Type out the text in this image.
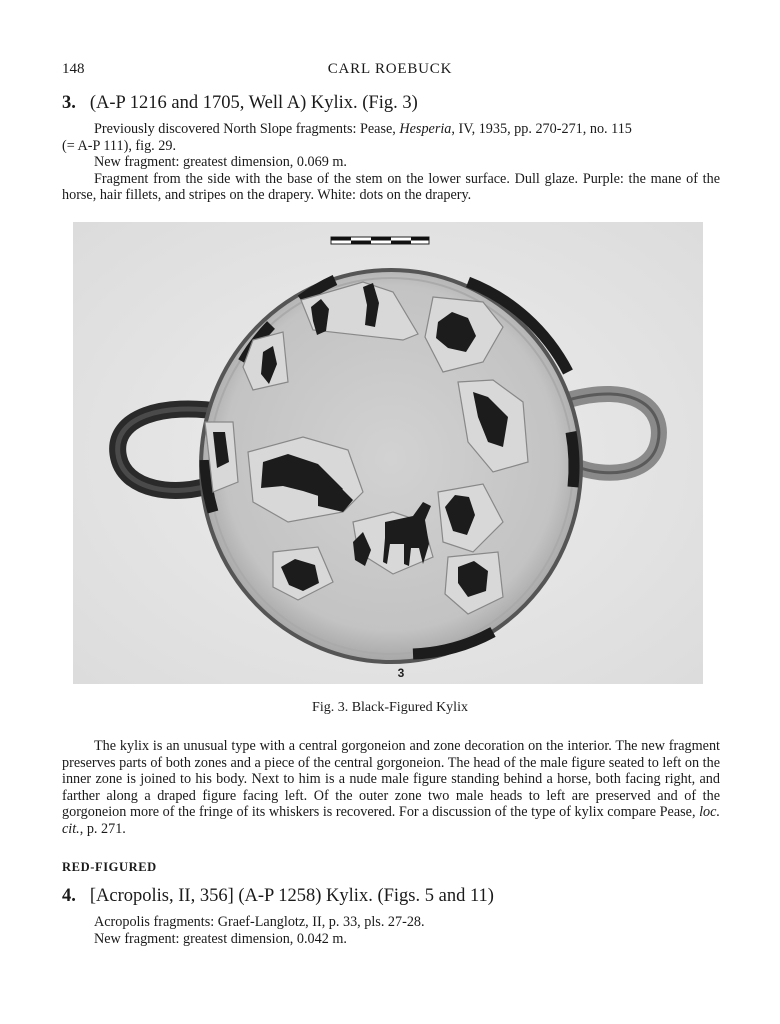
148	CARL ROEBUCK
3. (A-P 1216 and 1705, Well A) Kylix. (Fig. 3)

Previously discovered North Slope fragments: Pease, Hesperia, IV, 1935, pp. 270-271, no. 115

(= A-P 111), fig. 29.

New fragment: greatest dimension, 0.069 m.

Fragment from the side with the base of the stem on the lower surface. Dull glaze. Purple: the mane of the horse, hair fillets, and stripes on the drapery. White: dots on the drapery.

3
Fig. 3. Black-Figured Kylix

The kylix is an unusual type with a central gorgoneion and zone decoration on the interior. The new fragment preserves parts of both zones and a piece of the central gorgoneion. The head of the male figure seated to left on the inner zone is joined to his body. Next to him is a nude male figure standing behind a horse, both facing right, and farther along a draped figure facing left. Of the outer zone two male heads to left are preserved and of the gorgoneion more of the fringe of its whiskers is recovered. For a discussion of the type of kylix compare Pease, loc. cit., p. 271.

RED-FIGURED
4. [Acropolis, II, 356] (A-P 1258) Kylix. (Figs. 5 and 11)

Acropolis fragments: Graef-Langlotz, II, p. 33, pls. 27-28.

New fragment: greatest dimension, 0.042 m.
